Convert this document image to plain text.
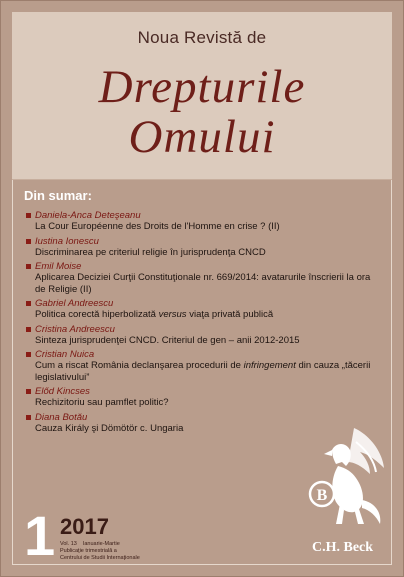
Noua Revistă de
Drepturile
Omului
Din sumar:
Daniela-Anca Deteşeanu
La Cour Européenne des Droits de l'Homme en crise ? (II)
Iustina Ionescu
Discriminarea pe criteriul religie în jurisprudenţa CNCD
Emil Moise
Aplicarea Deciziei Curţii Constituţionale nr. 669/2014: avatarurile înscrierii la ora de Religie (II)
Gabriel Andreescu
Politica corectă hiperbolizată versus viaţa privată publică
Cristina Andreescu
Sinteza jurisprudenţei CNCD. Criteriul de gen – anii 2012-2015
Cristian Nuica
Cum a riscat România declanşarea procedurii de infringement din cauza „tăcerii legislativului”
Előd Kincses
Rechizitoriu sau pamflet politic?
Diana Botău
Cauza Király şi Dömötör c. Ungaria
1 2017
Vol. 13 Ianuarie-Martie
Publicaţie trimestrială a
Centrului de Studii Internaţionale
B
C.H. Beck
